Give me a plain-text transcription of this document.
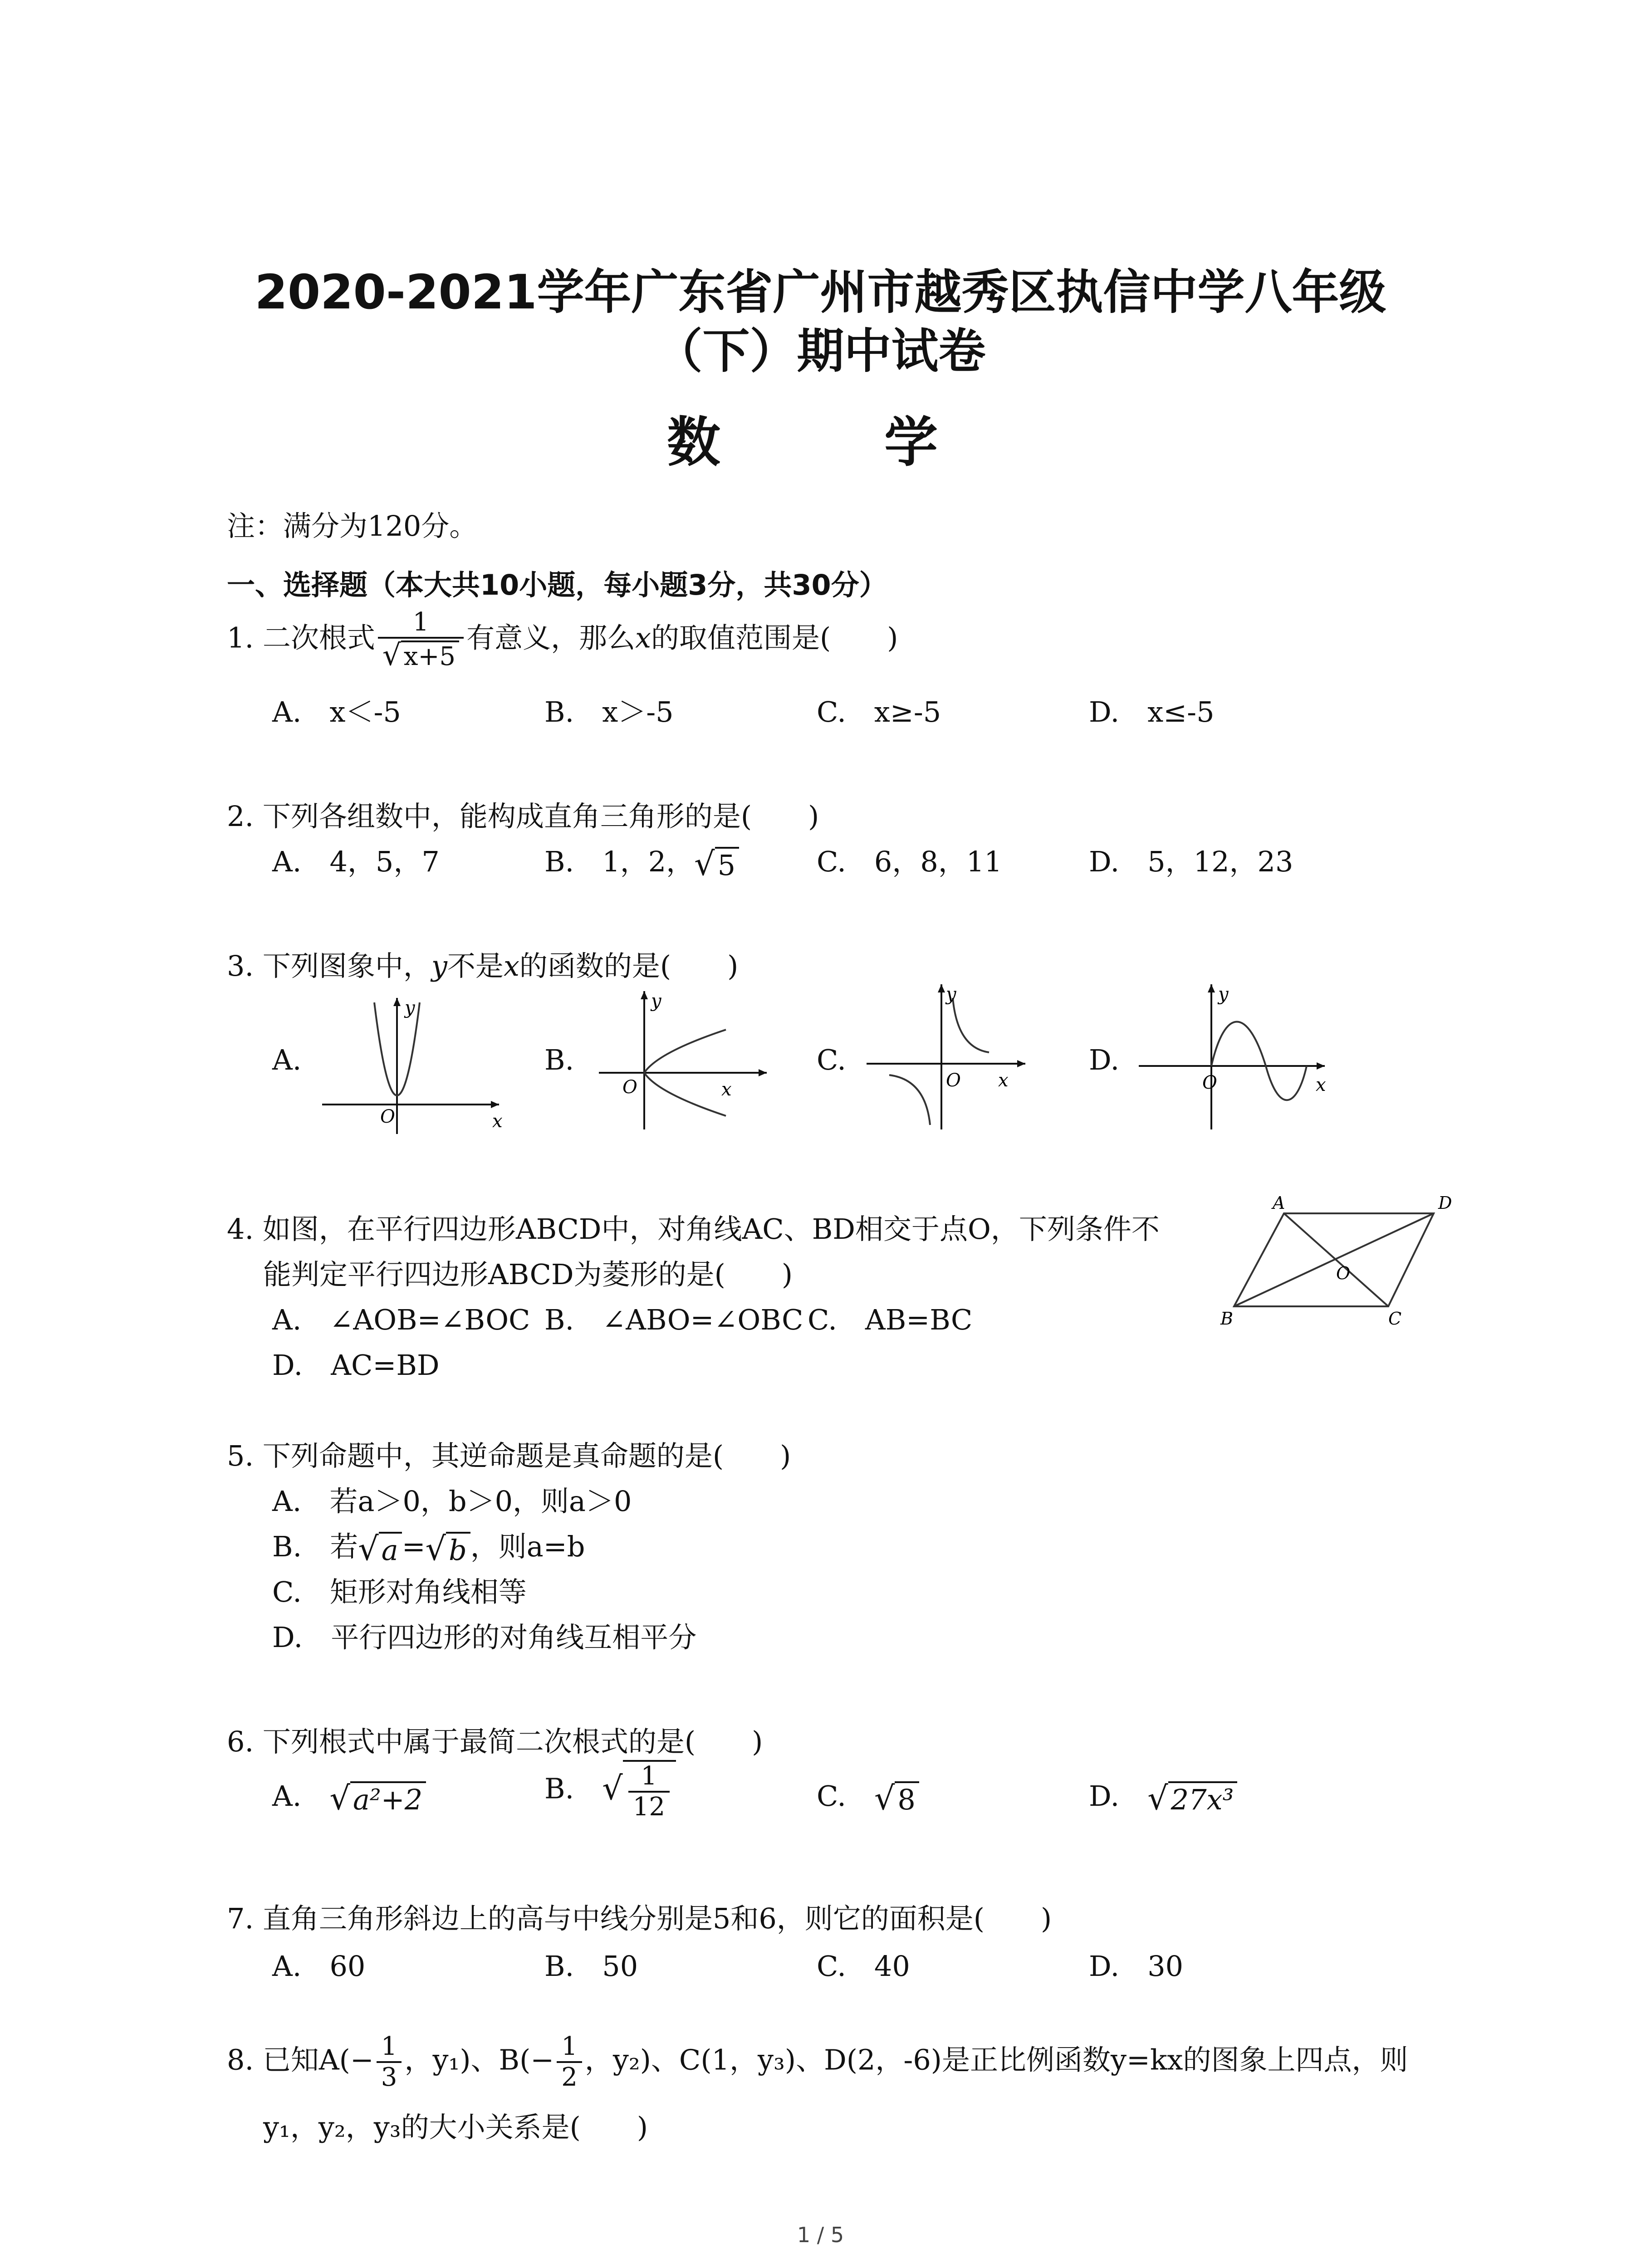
2020-2021学年广东省广州市越秀区执信中学八年级
（下）期中试卷
数 学
注：满分为120分。
一、选择题（本大共10小题，每小题3分，共30分）
1. 二次根式 $\frac{1}{√ x+5}$ 有意义，那么x的取值范围是(　　)
A.　x＜-5	B.　x＞-5	C.　x≥-5	D.　x≤-5
2. 下列各组数中，能构成直角三角形的是(　　)
A.　4，5，7	B.　1，2，√5	C.　6，8，11	D.　5，12，23
3. 下列图象中，y不是x的函数的是(　　)
A.	B.	C.	D.
y
x
O
y
x
O
y
x
O
y
x
O
4. 如图，在平行四边形ABCD中，对角线AC、BD相交于点O，下列条件不
能判定平行四边形ABCD为菱形的是(　　)
A.　∠AOB=∠BOC B.　∠ABO=∠OBC C.　AB=BC
D.　AC=BD
A	D
B	C
O
5. 下列命题中，其逆命题是真命题的是(　　)
A.　若a＞0，b＞0，则a＞0
B.　若√a =√b ，则a=b
C.　矩形对角线相等
D.　平行四边形的对角线互相平分
6. 下列根式中属于最简二次根式的是(　　)
A.　 √a²+2	B.　 √ $\frac{1}{12}$	C.　 √8	D.　 √27x³
7. 直角三角形斜边上的高与中线分别是5和6，则它的面积是(　　)
A.　60	B.　50	C.　40	D.　30
8. 已知$A(- \frac{1}{3}$ ，y₁)、$B(- \frac{1}{2}$ ，y₂)、C(1，y₃)、D(2，-6)是正比例函数y=kx的图象上四点，则
y₁，y₂，y₃的大小关系是(　　)
1 / 5
